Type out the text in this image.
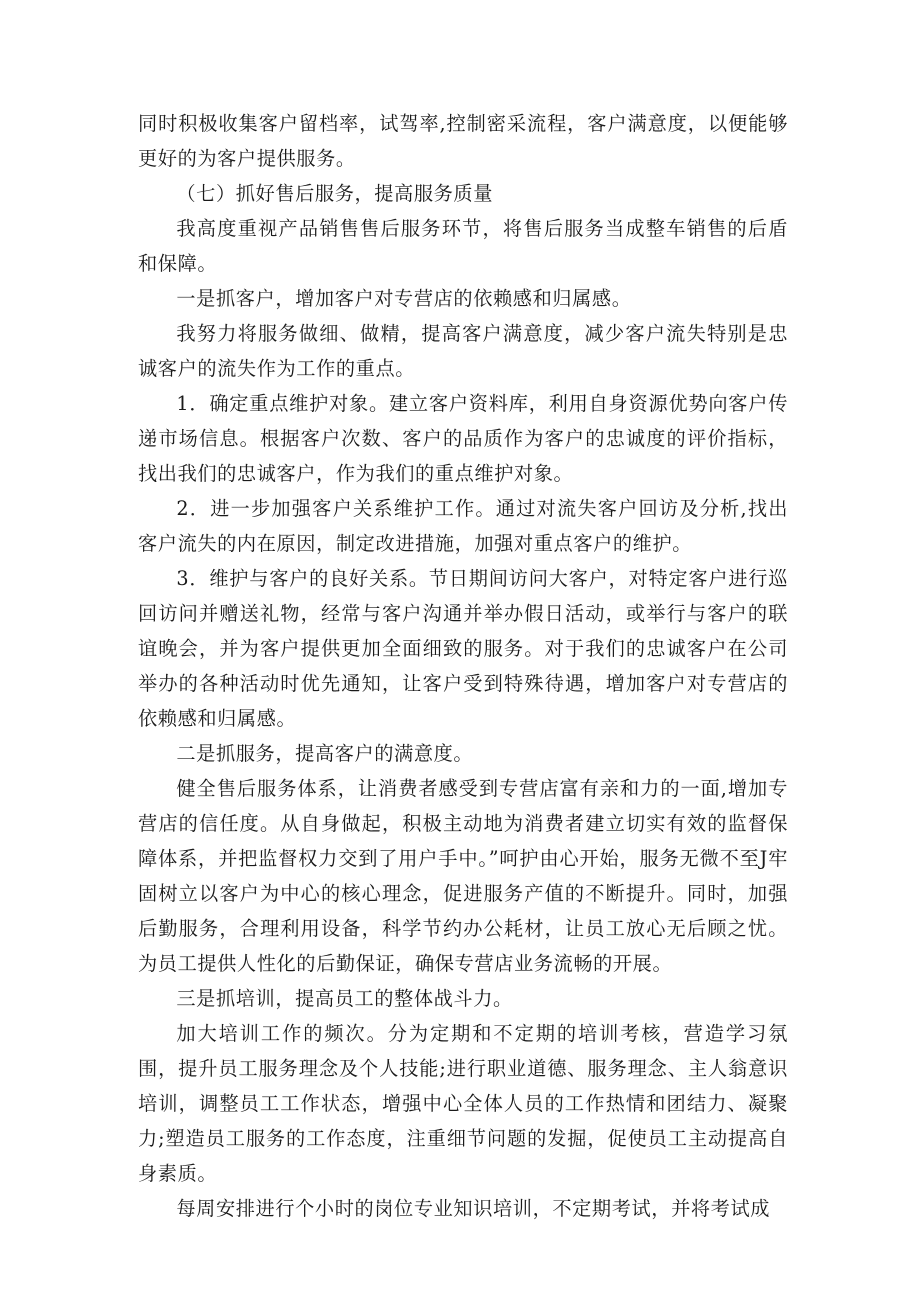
同时积极收集客户留档率，试驾率,控制密采流程，客户满意度，以便能够更好的为客户提供服务。

（七）抓好售后服务，提高服务质量

我高度重视产品销售售后服务环节，将售后服务当成整车销售的后盾和保障。

一是抓客户，增加客户对专营店的依赖感和归属感。

我努力将服务做细、做精，提高客户满意度，减少客户流失特别是忠诚客户的流失作为工作的重点。

1．确定重点维护对象。建立客户资料库，利用自身资源优势向客户传递市场信息。根据客户次数、客户的品质作为客户的忠诚度的评价指标，找出我们的忠诚客户，作为我们的重点维护对象。

2．进一步加强客户关系维护工作。通过对流失客户回访及分析,找出客户流失的内在原因，制定改进措施，加强对重点客户的维护。

3．维护与客户的良好关系。节日期间访问大客户，对特定客户进行巡回访问并赠送礼物，经常与客户沟通并举办假日活动，或举行与客户的联谊晚会，并为客户提供更加全面细致的服务。对于我们的忠诚客户在公司举办的各种活动时优先通知，让客户受到特殊待遇，增加客户对专营店的依赖感和归属感。

二是抓服务，提高客户的满意度。

健全售后服务体系，让消费者感受到专营店富有亲和力的一面,增加专营店的信任度。从自身做起，积极主动地为消费者建立切实有效的监督保障体系，并把监督权力交到了用户手中。”呵护由心开始，服务无微不至J牢固树立以客户为中心的核心理念，促进服务产值的不断提升。同时，加强后勤服务，合理利用设备，科学节约办公耗材，让员工放心无后顾之忧。为员工提供人性化的后勤保证，确保专营店业务流畅的开展。

三是抓培训，提高员工的整体战斗力。

加大培训工作的频次。分为定期和不定期的培训考核，营造学习氛围，提升员工服务理念及个人技能;进行职业道德、服务理念、主人翁意识培训，调整员工工作状态，增强中心全体人员的工作热情和团结力、凝聚力;塑造员工服务的工作态度，注重细节问题的发掘，促使员工主动提高自身素质。

每周安排进行个小时的岗位专业知识培训，不定期考试，并将考试成
